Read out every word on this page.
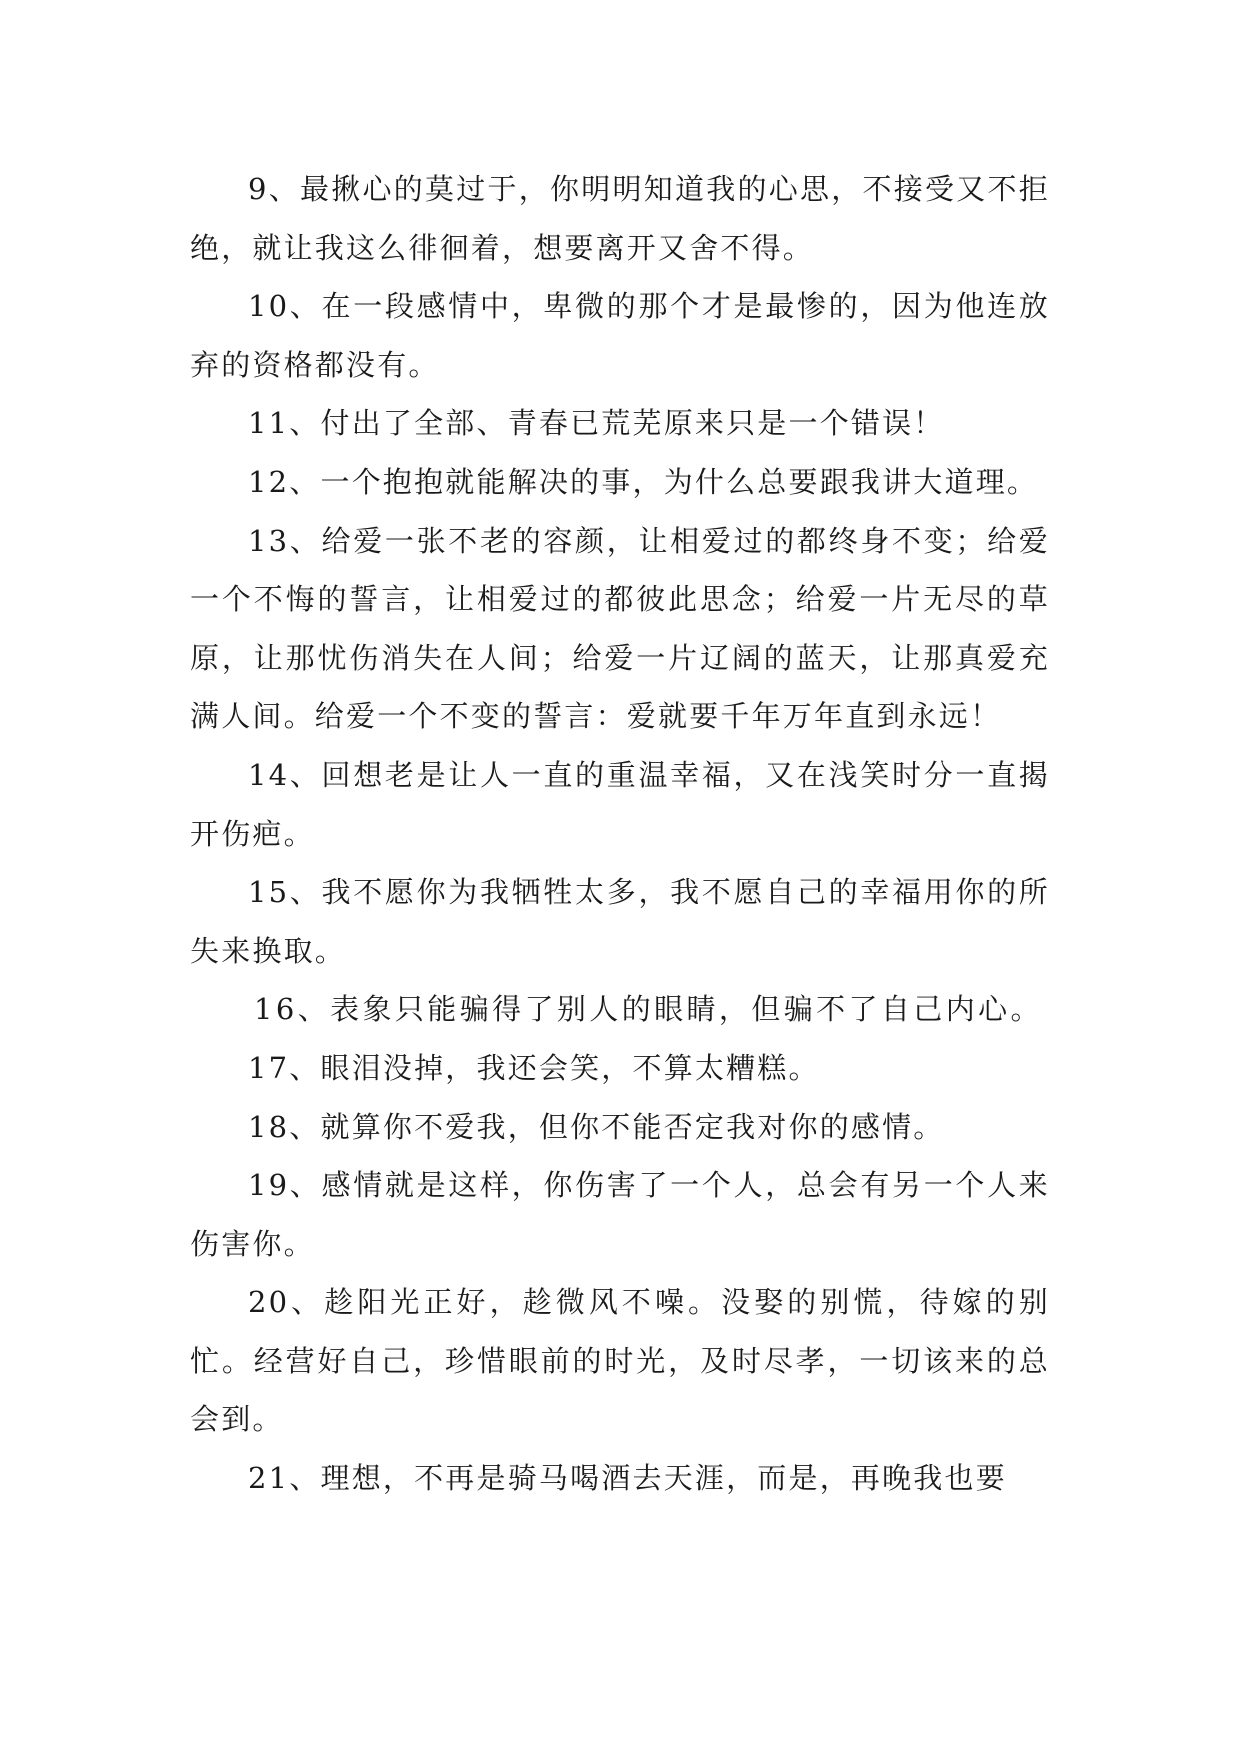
9、最揪心的莫过于，你明明知道我的心思，不接受又不拒绝，就让我这么徘徊着，想要离开又舍不得。

10、在一段感情中，卑微的那个才是最惨的，因为他连放弃的资格都没有。

11、付出了全部、青春已荒芜原来只是一个错误！

12、一个抱抱就能解决的事，为什么总要跟我讲大道理。

13、给爱一张不老的容颜，让相爱过的都终身不变；给爱一个不悔的誓言，让相爱过的都彼此思念；给爱一片无尽的草原，让那忧伤消失在人间；给爱一片辽阔的蓝天，让那真爱充满人间。给爱一个不变的誓言：爱就要千年万年直到永远！

14、回想老是让人一直的重温幸福，又在浅笑时分一直揭开伤疤。

15、我不愿你为我牺牲太多，我不愿自己的幸福用你的所失来换取。

16、表象只能骗得了别人的眼睛，但骗不了自己内心。

17、眼泪没掉，我还会笑，不算太糟糕。

18、就算你不爱我，但你不能否定我对你的感情。

19、感情就是这样，你伤害了一个人，总会有另一个人来伤害你。

20、趁阳光正好，趁微风不噪。没娶的别慌，待嫁的别忙。经营好自己，珍惜眼前的时光，及时尽孝，一切该来的总会到。

21、理想，不再是骑马喝酒去天涯，而是，再晚我也要
